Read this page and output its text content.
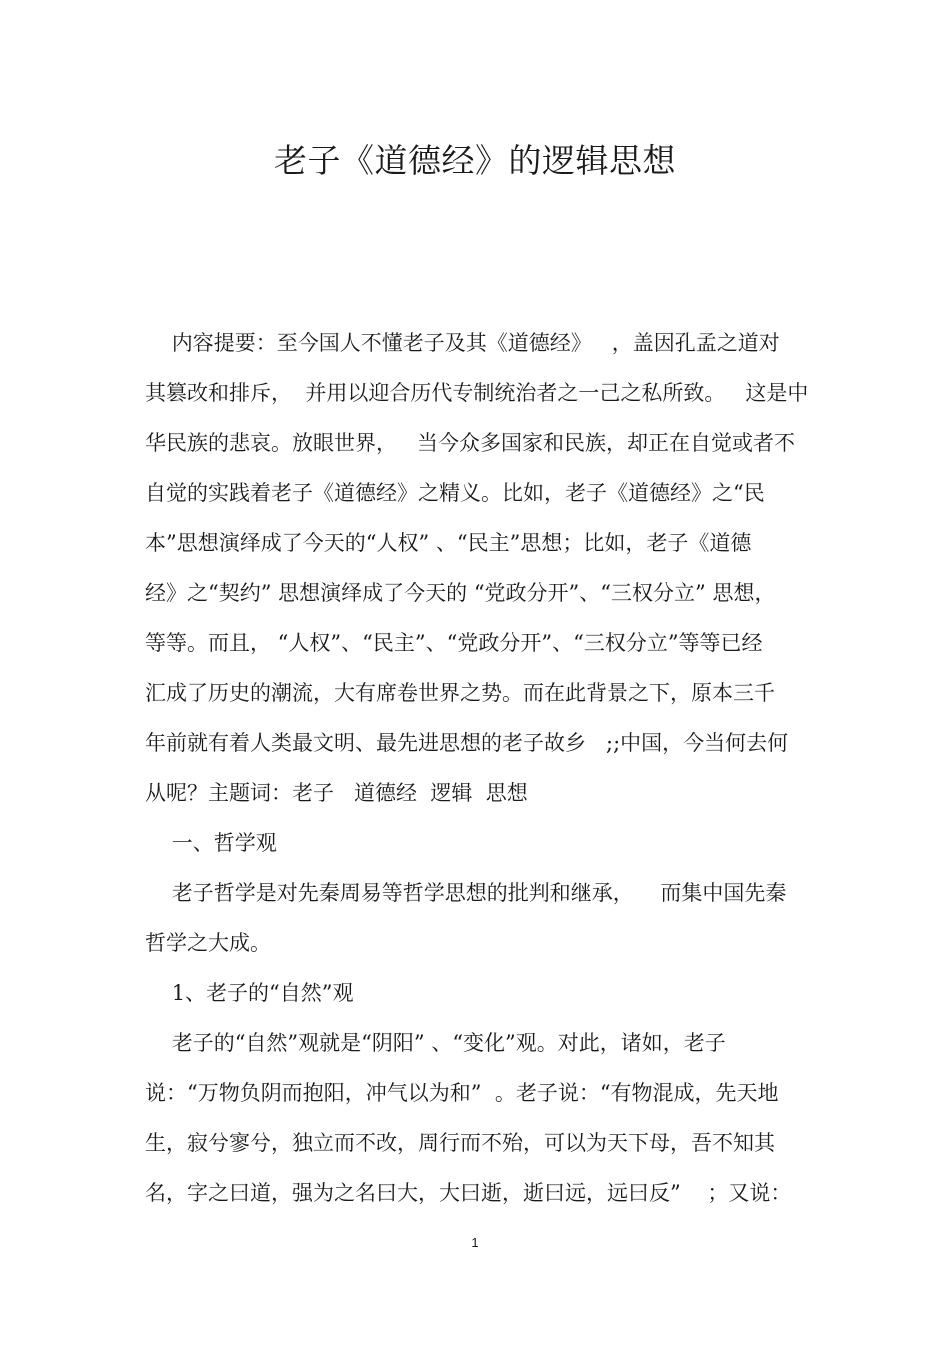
老子《道德经》的逻辑思想

内容提要：至今国人不懂老子及其《道德经》   ，盖因孔孟之道对

其篡改和排斥，  并用以迎合历代专制统治者之一己之私所致。   这是中

华民族的悲哀。放眼世界，   当今众多国家和民族，却正在自觉或者不

自觉的实践着老子《道德经》之精义。比如，老子《道德经》之“民

本”思想演绎成了今天的“人权” 、“民主”思想；比如，老子《道德

经》之“契约” 思想演绎成了今天的 “党政分开”、“三权分立” 思想，

等等。而且， “人权”、“民主”、“党政分开”、“三权分立”等等已经

汇成了历史的潮流，大有席卷世界之势。而在此背景之下，原本三千

年前就有着人类最文明、最先进思想的老子故乡   ;;中国，今当何去何

从呢？主题词：老子   道德经  逻辑  思想

一、哲学观

老子哲学是对先秦周易等哲学思想的批判和继承，    而集中国先秦

哲学之大成。

1、老子的“自然”观

老子的“自然”观就是“阴阳” 、“变化”观。对此，诸如，老子

说：“万物负阴而抱阳，冲气以为和”  。老子说：“有物混成，先天地

生，寂兮寥兮，独立而不改，周行而不殆，可以为天下母，吾不知其

名，字之曰道，强为之名曰大，大曰逝，逝曰远，远曰反”    ；又说：

1
